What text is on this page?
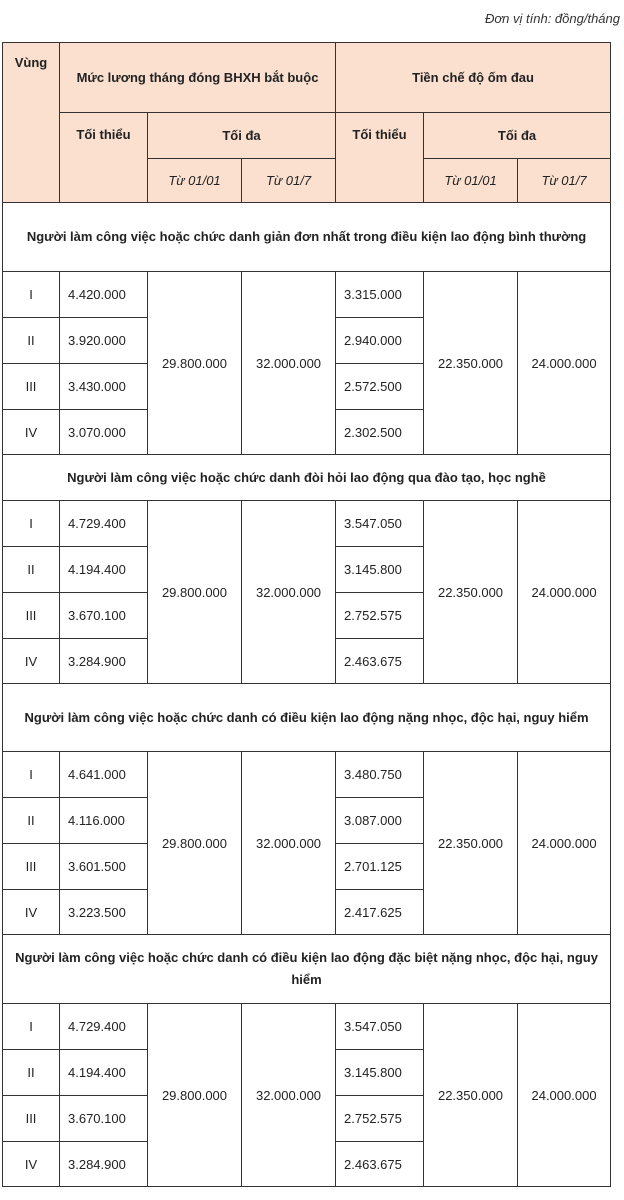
Đơn vị tính: đồng/tháng
Vùng	Mức lương tháng đóng BHXH bắt buộc			Tiền chế độ ốm đau		
	Tối thiểu	Tối đa		Tối thiểu	Tối đa	
		Từ 01/01	Từ 01/7		Từ 01/01	Từ 01/7
Người làm công việc hoặc chức danh giản đơn nhất trong điều kiện lao động bình thường						
I	4.420.000	29.800.000	32.000.000	3.315.000	22.350.000	24.000.000
II	3.920.000			2.940.000		
III	3.430.000			2.572.500		
IV	3.070.000			2.302.500		
Người làm công việc hoặc chức danh đòi hỏi lao động qua đào tạo, học nghề						
I	4.729.400	29.800.000	32.000.000	3.547.050	22.350.000	24.000.000
II	4.194.400			3.145.800		
III	3.670.100			2.752.575		
IV	3.284.900			2.463.675		
Người làm công việc hoặc chức danh có điều kiện lao động nặng nhọc, độc hại, nguy hiểm						
I	4.641.000	29.800.000	32.000.000	3.480.750	22.350.000	24.000.000
II	4.116.000			3.087.000		
III	3.601.500			2.701.125		
IV	3.223.500			2.417.625		
Người làm công việc hoặc chức danh có điều kiện lao động đặc biệt nặng nhọc, độc hại, nguy hiểm						
I	4.729.400	29.800.000	32.000.000	3.547.050	22.350.000	24.000.000
II	4.194.400			3.145.800		
III	3.670.100			2.752.575		
IV	3.284.900			2.463.675		
